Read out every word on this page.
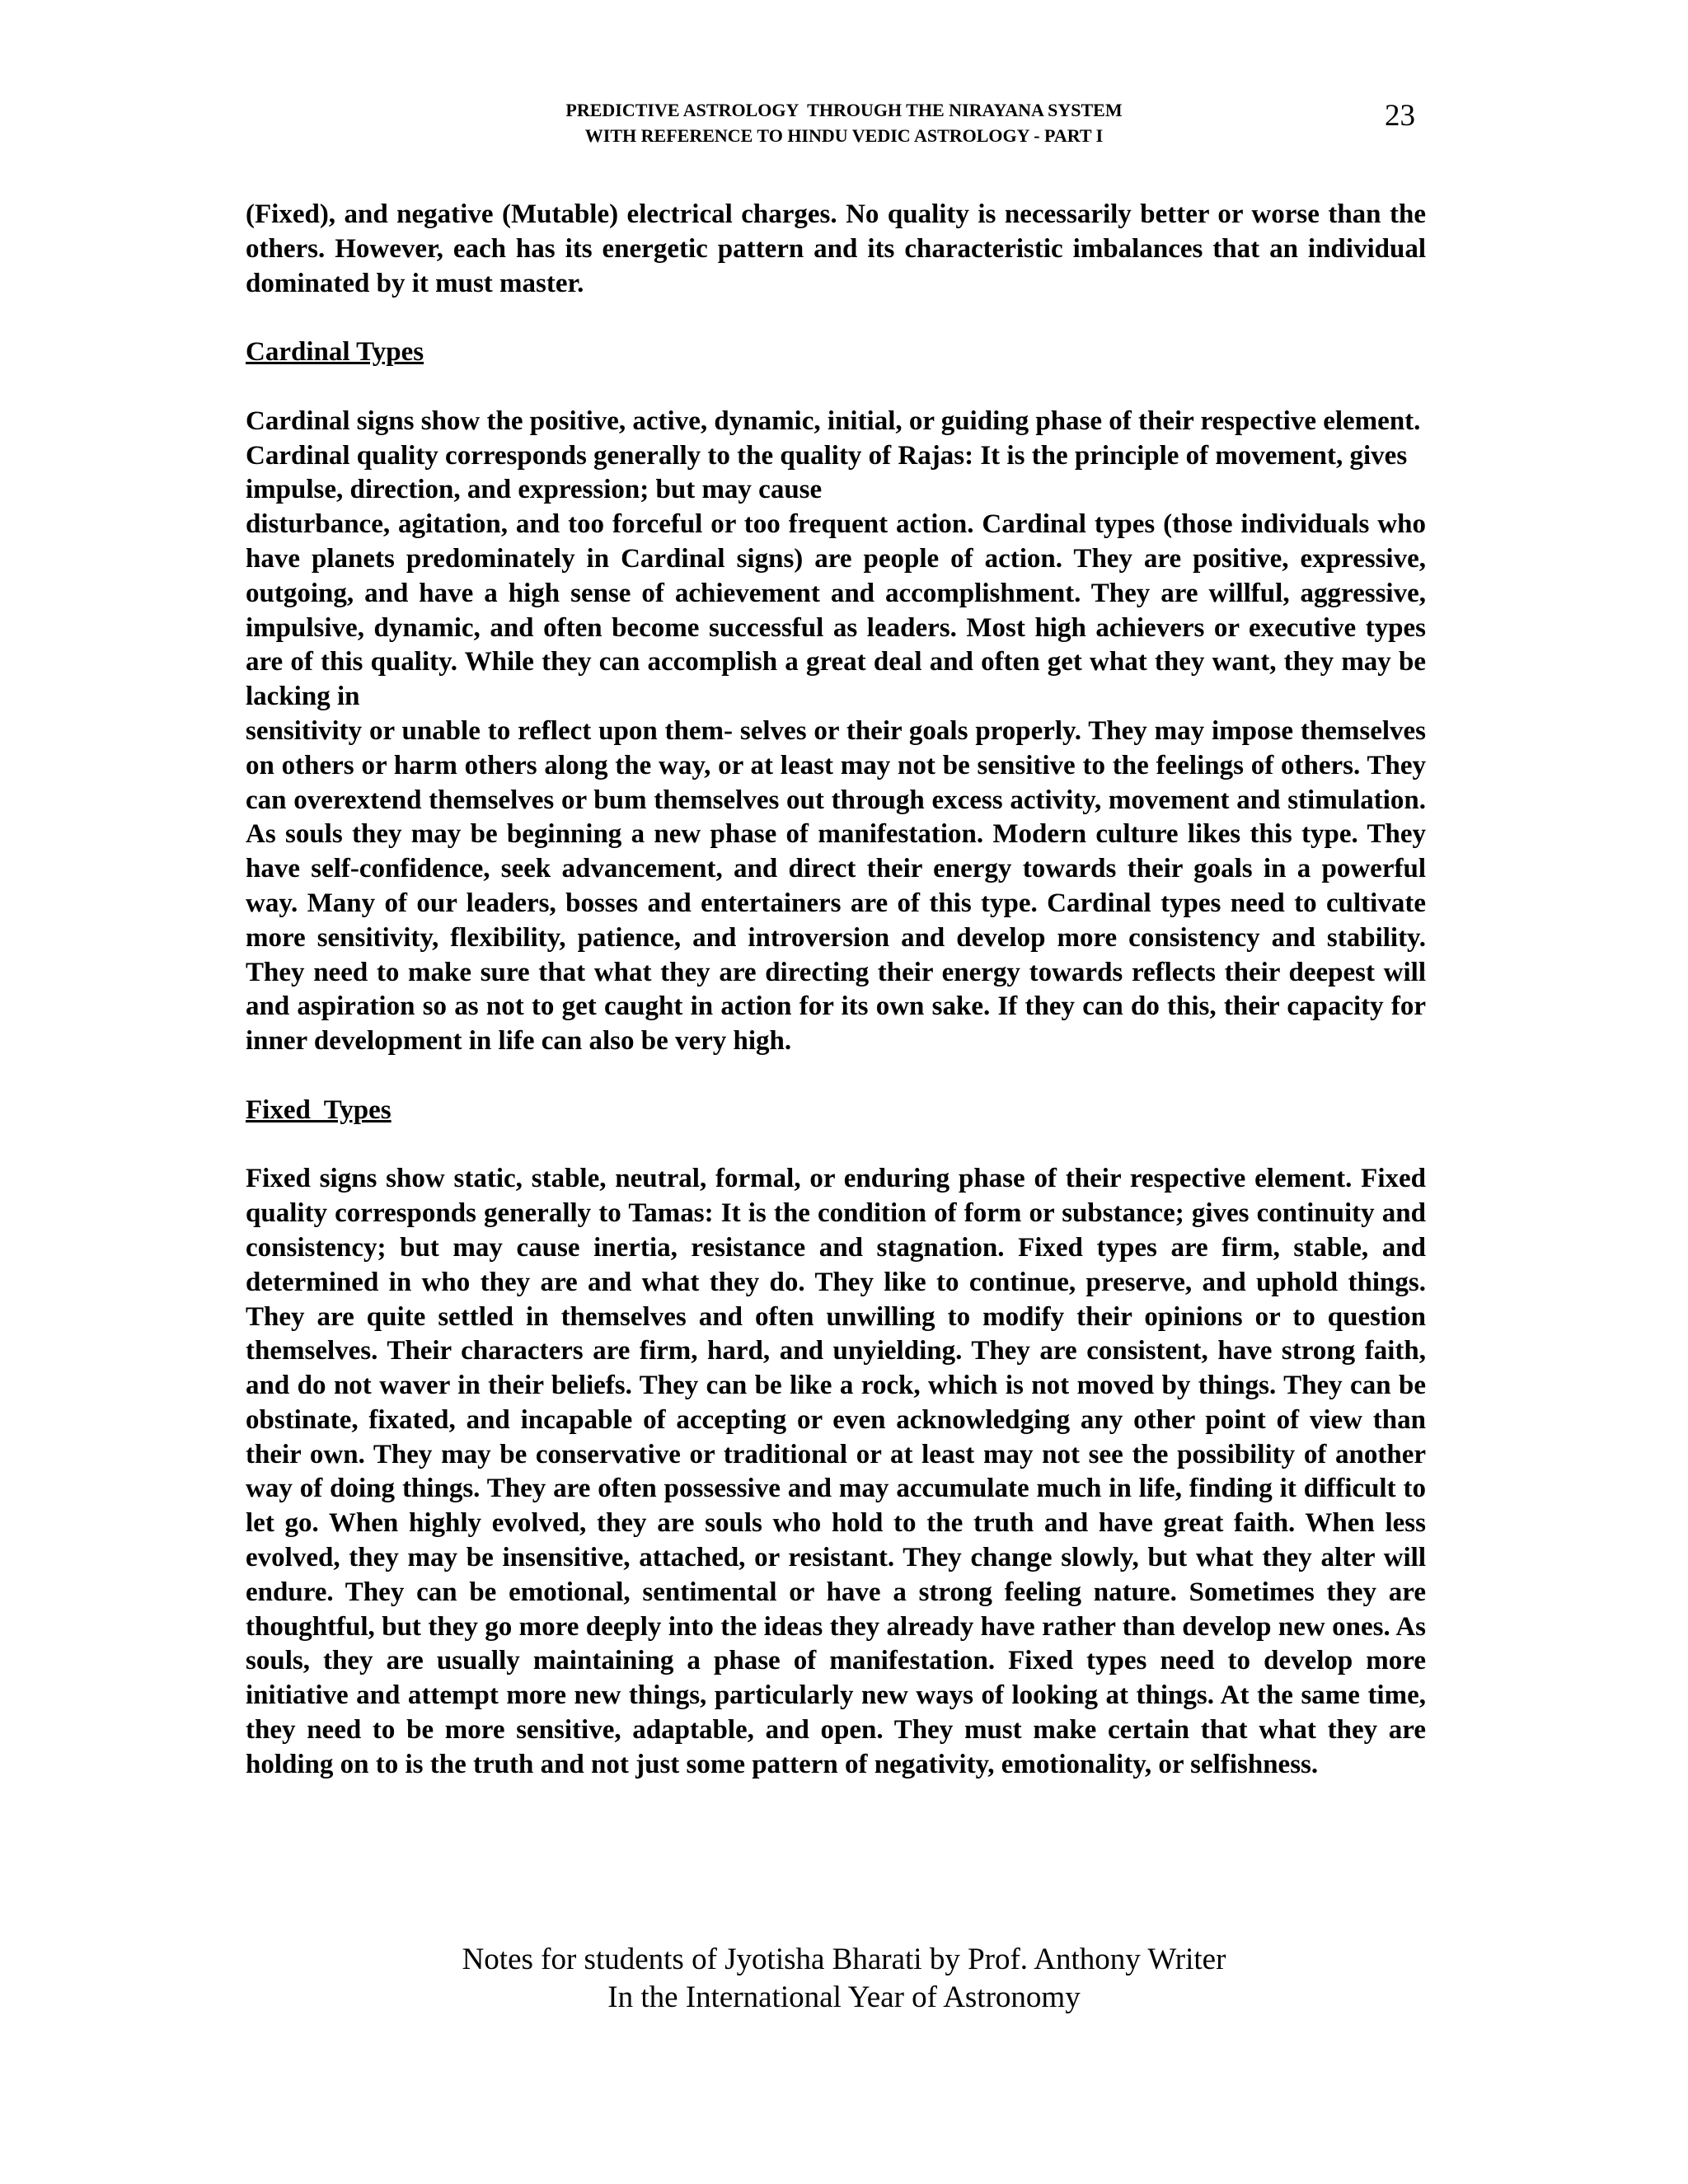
PREDICTIVE ASTROLOGY  THROUGH THE NIRAYANA SYSTEM
WITH REFERENCE TO HINDU VEDIC ASTROLOGY - PART I
23

(Fixed), and negative (Mutable) electrical charges. No quality is necessarily better or worse than the others. However, each has its energetic pattern and its characteristic imbalances that an individual dominated by it must master.

Cardinal Types

Cardinal signs show the positive, active, dynamic, initial, or guiding phase of their respective element. Cardinal quality corresponds generally to the quality of Rajas: It is the principle of movement, gives impulse, direction, and expression; but may cause

disturbance, agitation, and too forceful or too frequent action. Cardinal types (those individuals who have planets predominately in Cardinal signs) are people of action. They are positive, expressive, outgoing, and have a high sense of achievement and accomplishment. They are willful, aggressive, impulsive, dynamic, and often become successful as leaders. Most high achievers or executive types are of this quality. While they can accomplish a great deal and often get what they want, they may be lacking in

sensitivity or unable to reflect upon them- selves or their goals properly. They may impose themselves on others or harm others along the way, or at least may not be sensitive to the feelings of others. They can overextend themselves or bum themselves out through excess activity, movement and stimulation. As souls they may be beginning a new phase of manifestation. Modern culture likes this type. They have self-confidence, seek advancement, and direct their energy towards their goals in a powerful way. Many of our leaders, bosses and entertainers are of this type. Cardinal types need to cultivate more sensitivity, flexibility, patience, and introversion and develop more consistency and stability. They need to make sure that what they are directing their energy towards reflects their deepest will and aspiration so as not to get caught in action for its own sake. If they can do this, their capacity for inner development in life can also be very high.

Fixed  Types

Fixed signs show static, stable, neutral, formal, or enduring phase of their respective element. Fixed quality corresponds generally to Tamas: It is the condition of form or substance; gives continuity and consistency; but may cause inertia, resistance and stagnation. Fixed types are firm, stable, and determined in who they are and what they do. They like to continue, preserve, and uphold things. They are quite settled in themselves and often unwilling to modify their opinions or to question themselves. Their characters are firm, hard, and unyielding. They are consistent, have strong faith, and do not waver in their beliefs. They can be like a rock, which is not moved by things. They can be obstinate, fixated, and incapable of accepting or even acknowledging any other point of view than their own. They may be conservative or traditional or at least may not see the possibility of another way of doing things. They are often possessive and may accumulate much in life, finding it difficult to let go. When highly evolved, they are souls who hold to the truth and have great faith. When less evolved, they may be insensitive, attached, or resistant. They change slowly, but what they alter will endure. They can be emotional, sentimental or have a strong feeling nature. Sometimes they are thoughtful, but they go more deeply into the ideas they already have rather than develop new ones. As souls, they are usually maintaining a phase of manifestation. Fixed types need to develop more initiative and attempt more new things, particularly new ways of looking at things. At the same time, they need to be more sensitive, adaptable, and open. They must make certain that what they are holding on to is the truth and not just some pattern of negativity, emotionality, or selfishness.

Notes for students of Jyotisha Bharati by Prof. Anthony Writer
In the International Year of Astronomy
